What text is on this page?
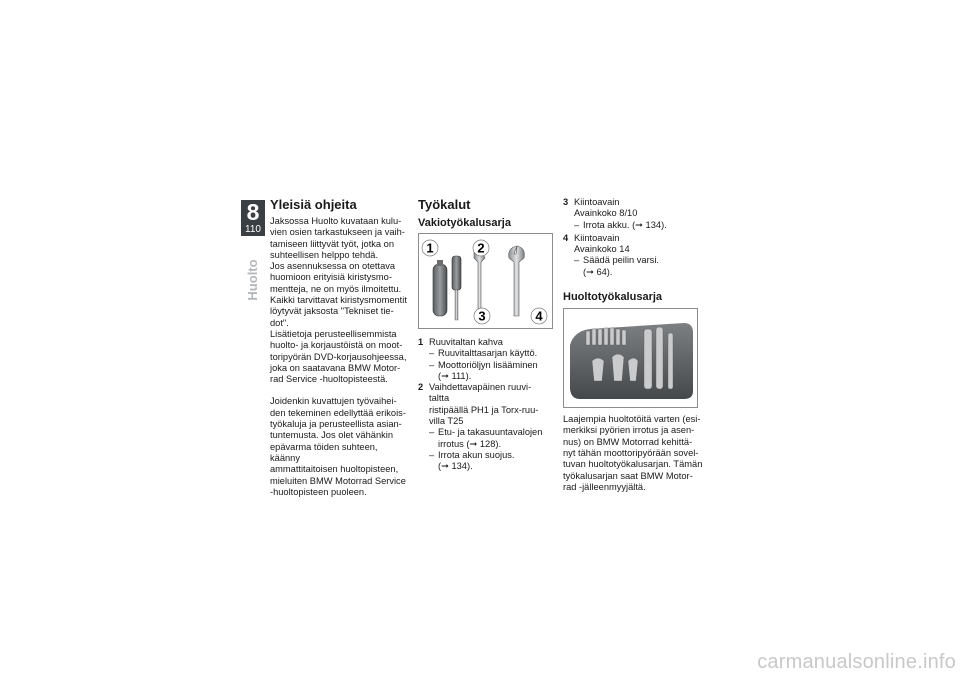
8
110
Huolto
Yleisiä ohjeita

Jaksossa Huolto kuvataan kulu-
vien osien tarkastukseen ja vaih-
tamiseen liittyvät työt, jotka on
suhteellisen helppo tehdä.
Jos asennuksessa on otettava
huomioon erityisiä kiristysmo-
mentteja, ne on myös ilmoitettu.
Kaikki tarvittavat kiristysmomentit
löytyvät jaksosta "Tekniset tie-
dot".
Lisätietoja perusteellisemmista
huolto- ja korjaustöistä on moot-
toripyörän DVD-korjausohjeessa,
joka on saatavana BMW Motor-
rad Service -huoltopisteestä.

Joidenkin kuvattujen työvaihei-
den tekeminen edellyttää erikois-
työkaluja ja perusteellista asian-
tuntemusta. Jos olet vähänkin
epävarma töiden suhteen, käänny
ammattitaitoisen huoltopisteen,
mieluiten BMW Motorrad Service
-huoltopisteen puoleen.

Työkalut
Vakiotyökalusarja
1	2
3	4
1 Ruuvitaltan kahva
– Ruuvitalttasarjan käyttö.
– Moottoriöljyn lisääminen
(➞ 111).
2 Vaihdettavapäinen ruuvi-
taltta
ristipäällä PH1 ja Torx-ruu-
villa T25
– Etu- ja takasuuntavalojen
irrotus (➞ 128).
– Irrota akun suojus.
(➞ 134).
3 Kiintoavain
Avainkoko 8/10
– Irrota akku. (➞ 134).
4 Kiintoavain
Avainkoko 14
– Säädä peilin varsi.
(➞ 64).
Huoltotyökalusarja

Laajempia huoltotöitä varten (esi-
merkiksi pyörien irrotus ja asen-
nus) on BMW Motorrad kehittä-
nyt tähän moottoripyörään sovel-
tuvan huoltotyökalusarjan. Tämän
työkalusarjan saat BMW Motor-
rad -jälleenmyyjältä.

carmanualsonline.info
